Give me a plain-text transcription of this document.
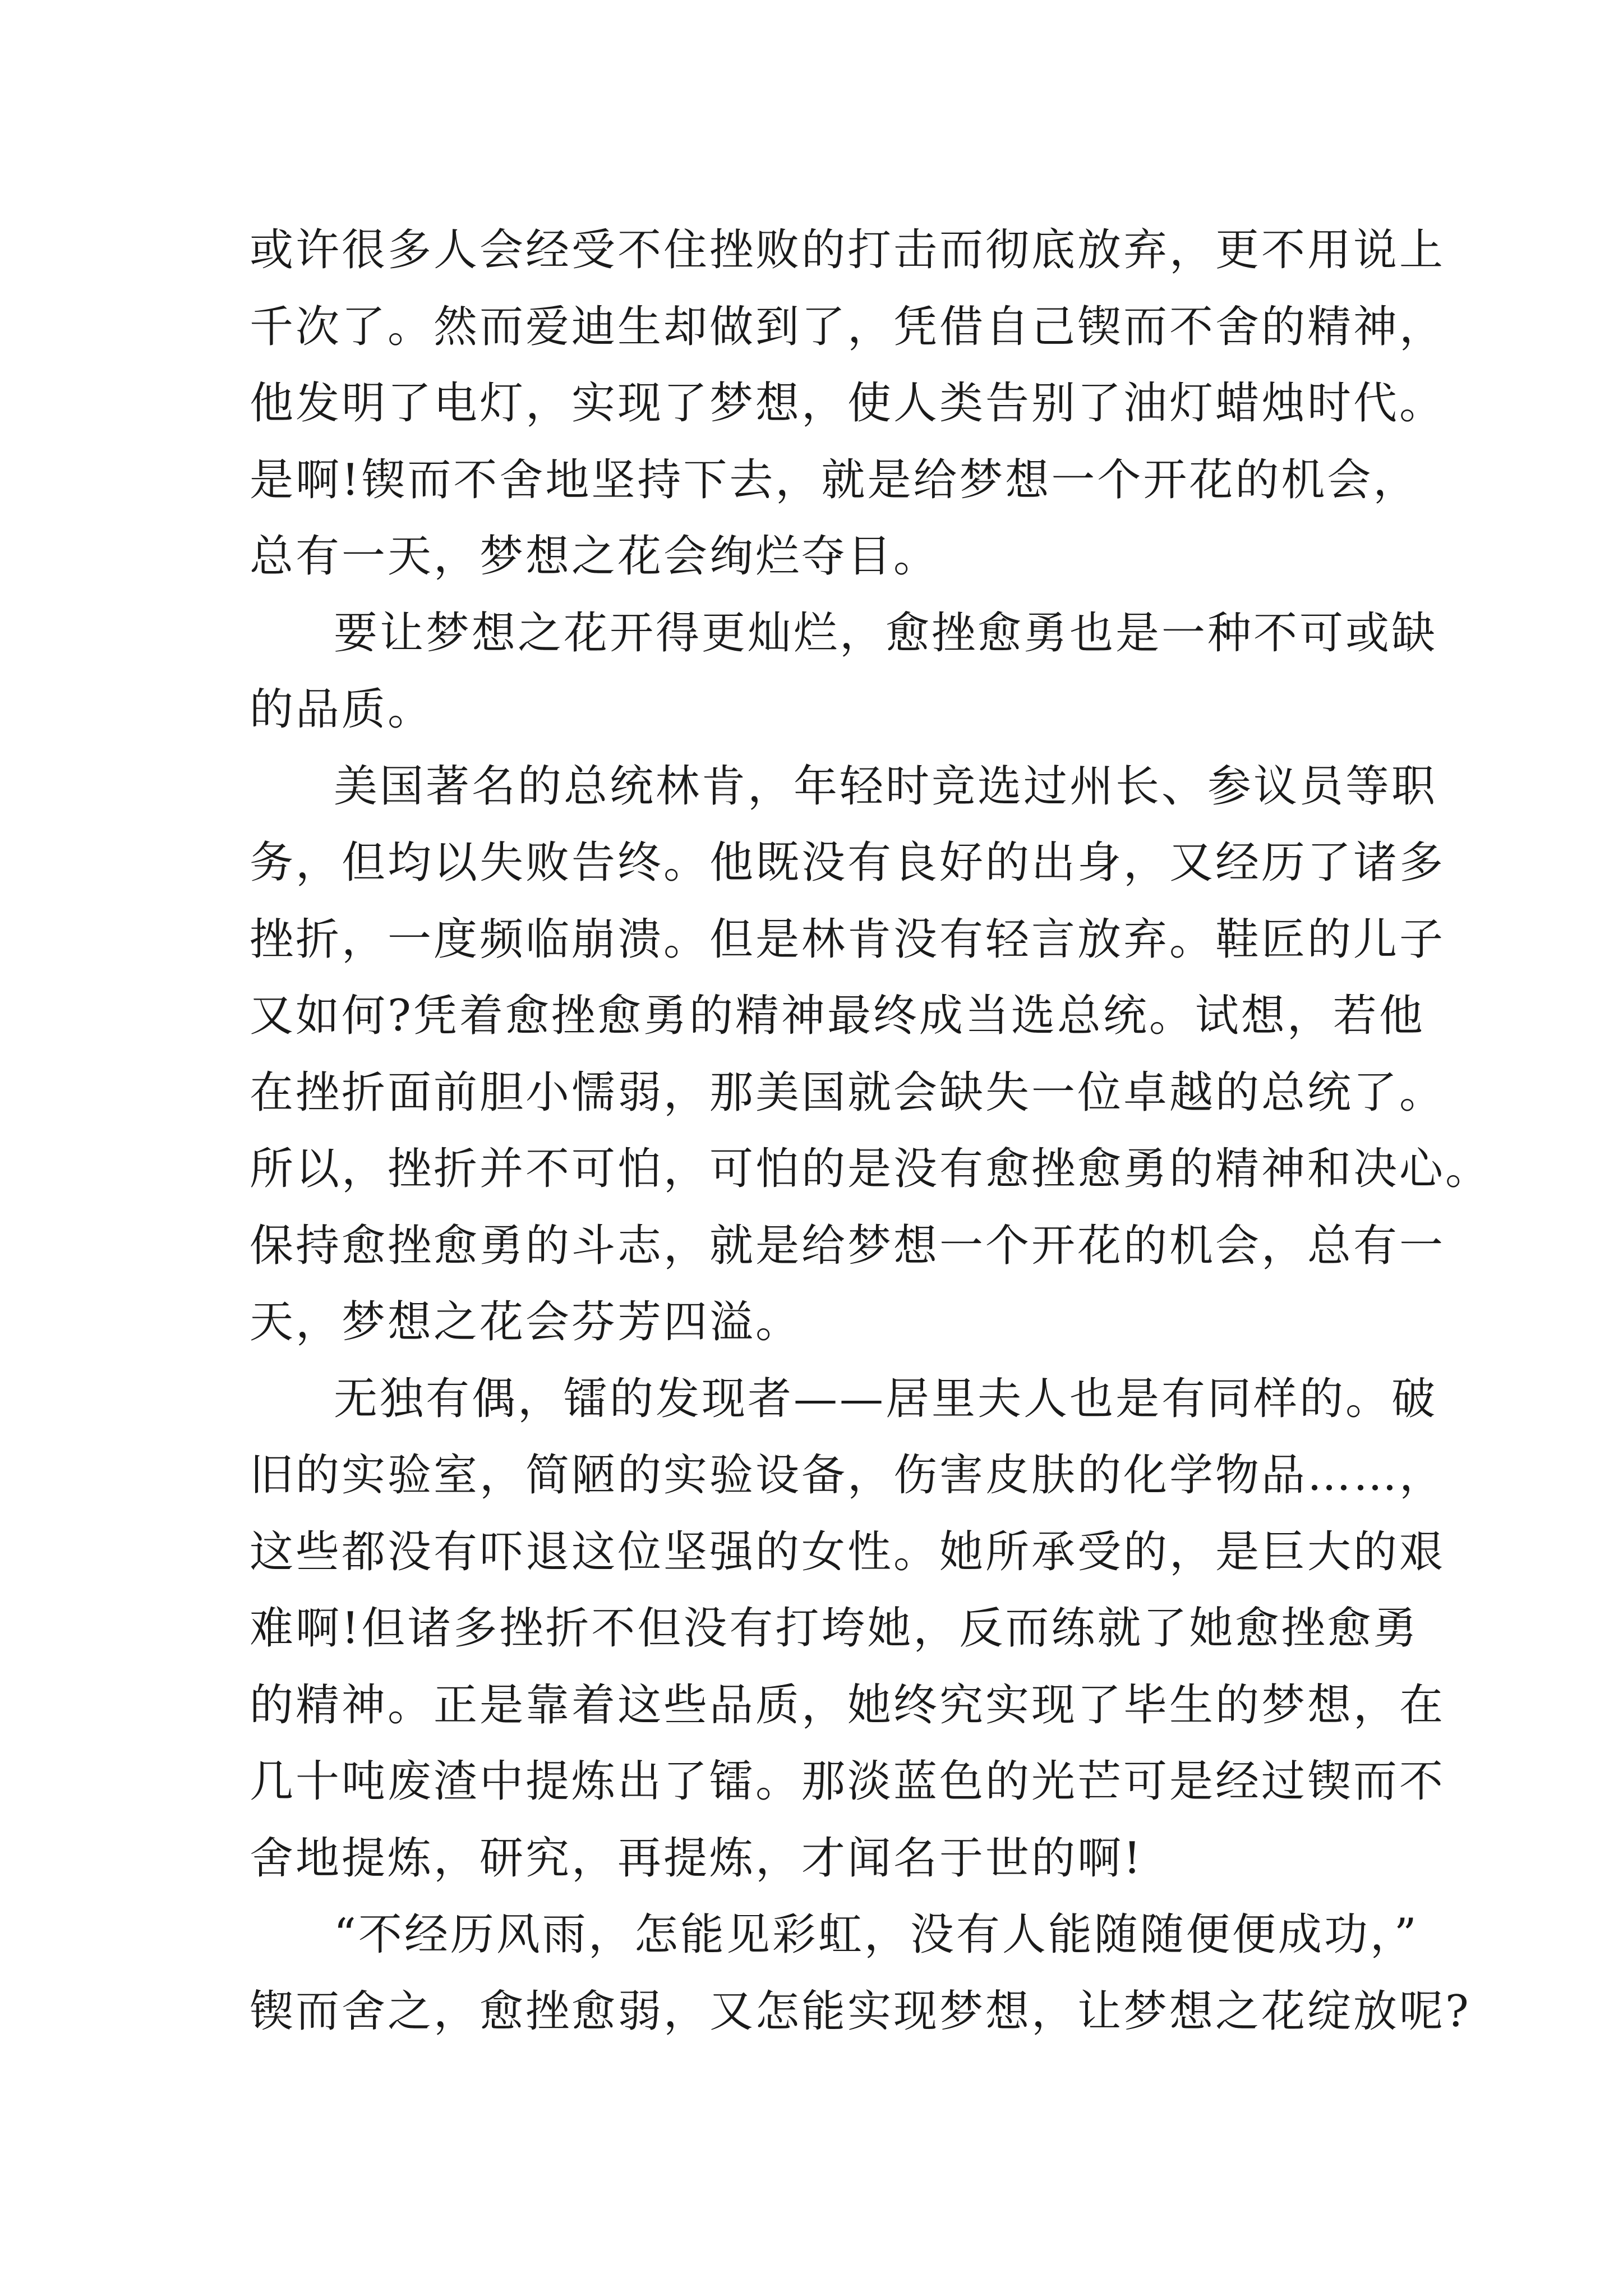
或许很多人会经受不住挫败的打击而彻底放弃，更不用说上
千次了。然而爱迪生却做到了，凭借自己锲而不舍的精神，
他发明了电灯，实现了梦想，使人类告别了油灯蜡烛时代。
是啊!锲而不舍地坚持下去，就是给梦想一个开花的机会，
总有一天，梦想之花会绚烂夺目。
要让梦想之花开得更灿烂，愈挫愈勇也是一种不可或缺
的品质。
美国著名的总统林肯，年轻时竞选过州长、参议员等职
务，但均以失败告终。他既没有良好的出身，又经历了诸多
挫折，一度频临崩溃。但是林肯没有轻言放弃。鞋匠的儿子
又如何?凭着愈挫愈勇的精神最终成当选总统。试想，若他
在挫折面前胆小懦弱，那美国就会缺失一位卓越的总统了。
所以，挫折并不可怕，可怕的是没有愈挫愈勇的精神和决心。
保持愈挫愈勇的斗志，就是给梦想一个开花的机会，总有一
天，梦想之花会芬芳四溢。
无独有偶，镭的发现者——居里夫人也是有同样的。破
旧的实验室，简陋的实验设备，伤害皮肤的化学物品……，
这些都没有吓退这位坚强的女性。她所承受的，是巨大的艰
难啊!但诸多挫折不但没有打垮她，反而练就了她愈挫愈勇
的精神。正是靠着这些品质，她终究实现了毕生的梦想，在
几十吨废渣中提炼出了镭。那淡蓝色的光芒可是经过锲而不
舍地提炼，研究，再提炼，才闻名于世的啊!
“不经历风雨，怎能见彩虹，没有人能随随便便成功，”
锲而舍之，愈挫愈弱，又怎能实现梦想，让梦想之花绽放呢?
